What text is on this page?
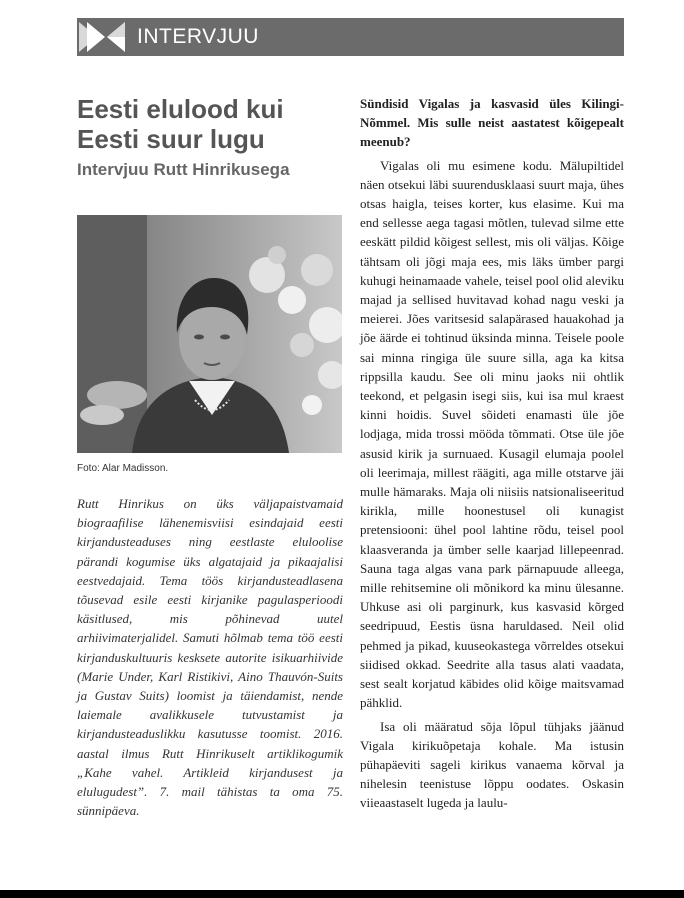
INTERVJUU
Eesti elulood kui
Eesti suur lugu
Intervjuu Rutt Hinrikusega
Foto: Alar Madisson.

Rutt Hinrikus on üks väljapaistvamaid biograafilise lähenemisviisi esindajaid eesti kirjandusteaduses ning eestlaste eluloolise pärandi kogumise üks algatajaid ja pikaajalisi eestvedajaid. Tema töös kirjandusteadlasena tõusevad esile eesti kirjanike pagulasperioodi käsitlused, mis põhinevad uutel arhiivimaterjalidel. Samuti hõlmab tema töö eesti kirjanduskultuuris kesksete autorite isikuarhiivide (Marie Under, Karl Ristikivi, Aino Thauvón-Suits ja Gustav Suits) loomist ja täiendamist, nende laiemale avalikkusele tutvustamist ja kirjandusteaduslikku kasutusse toomist. 2016. aastal ilmus Rutt Hinrikuselt artiklikogumik „Kahe vahel. Artikleid kirjandusest ja elulugudest”. 7. mail tähistas ta oma 75. sünnipäeva.

Sündisid Vigalas ja kasvasid üles Kilingi-Nõmmel. Mis sulle neist aastatest kõigepealt meenub?

Vigalas oli mu esimene kodu. Mälupiltidel näen otsekui läbi suurendusklaasi suurt maja, ühes otsas haigla, teises korter, kus elasime. Kui ma end sellesse aega tagasi mõtlen, tulevad silme ette eeskätt pildid kõigest sellest, mis oli väljas. Kõige tähtsam oli jõgi maja ees, mis läks ümber pargi kuhugi heinamaade vahele, teisel pool olid aleviku majad ja sellised huvitavad kohad nagu veski ja meierei. Jões varitsesid salapärased hauakohad ja jõe äärde ei tohtinud üksinda minna. Teisele poole sai minna ringiga üle suure silla, aga ka kitsa rippsilla kaudu. See oli minu jaoks nii ohtlik teekond, et pelgasin isegi siis, kui isa mul kraest kinni hoidis. Suvel sõideti enamasti üle jõe lodjaga, mida trossi mööda tõmmati. Otse üle jõe asusid kirik ja surnuaed. Kusagil elumaja poolel oli leerimaja, millest räägiti, aga mille otstarve jäi mulle hämaraks. Maja oli niisiis natsionaliseeritud kirikla, mille hoonestusel oli kunagist pretensiooni: ühel pool lahtine rõdu, teisel pool klaasveranda ja ümber selle kaarjad lillepeenrad. Sauna taga algas vana park pärnapuude alleega, mille rehitsemine oli mõnikord ka minu ülesanne. Uhkuse asi oli parginurk, kus kasvasid kõrged seedripuud, Eestis üsna haruldased. Neil olid pehmed ja pikad, kuuseokastega võrreldes otsekui siidised okkad. Seedrite alla tasus alati vaadata, sest sealt korjatud käbides olid kõige maitsvamad pähklid.

Isa oli määratud sõja lõpul tühjaks jäänud Vigala kirikuõpetaja kohale. Ma istusin pühapäeviti sageli kirikus vanaema kõrval ja nihelesin teenistuse lõppu oodates. Oskasin viieaastaselt lugeda ja laulu-
